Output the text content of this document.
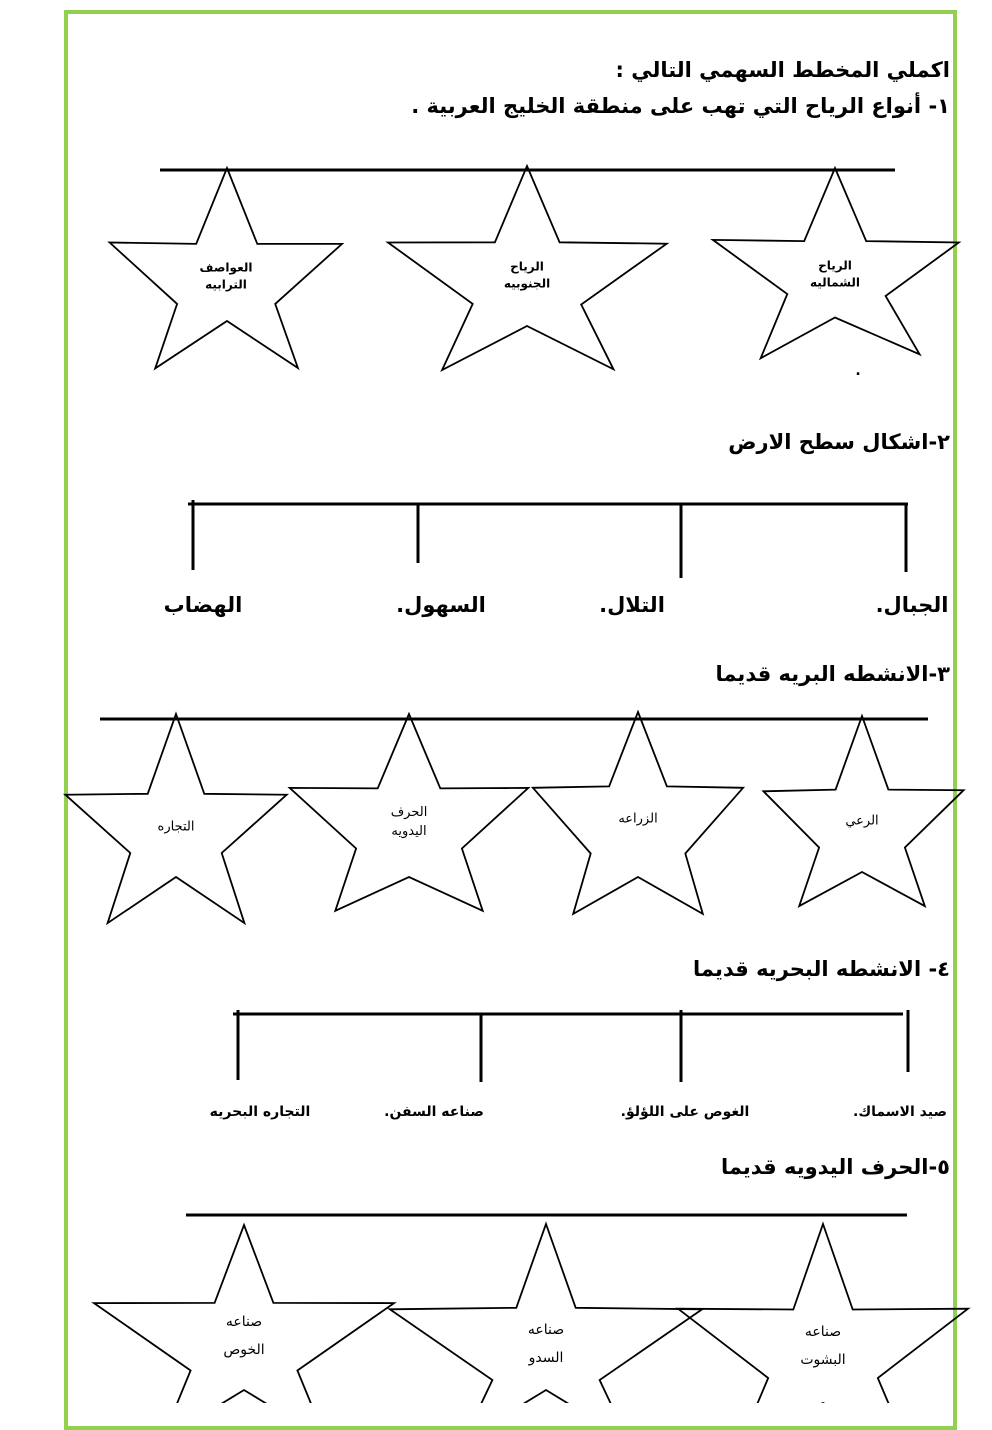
اكملي المخطط السهمي التالي :
١- أنواع الرياح التي تهب على منطقة الخليج العربية .
الرياح
الشماليه
الرياح
الجنوبيه
العواصف
الترابيه
.
٢-اشكال سطح الارض
الجبال.
التلال.
السهول.
الهضاب
٣-الانشطه البريه قديما
الرعي
الزراعه
الحرف
اليدويه
التجاره
٤- الانشطه البحريه قديما
صيد الاسماك.
الغوص على اللؤلؤ.
صناعه السفن.
التجاره البحريه
٥-الحرف اليدويه قديما
صناعه
البشوت
صناعه
السدو
صناعه
الخوص
